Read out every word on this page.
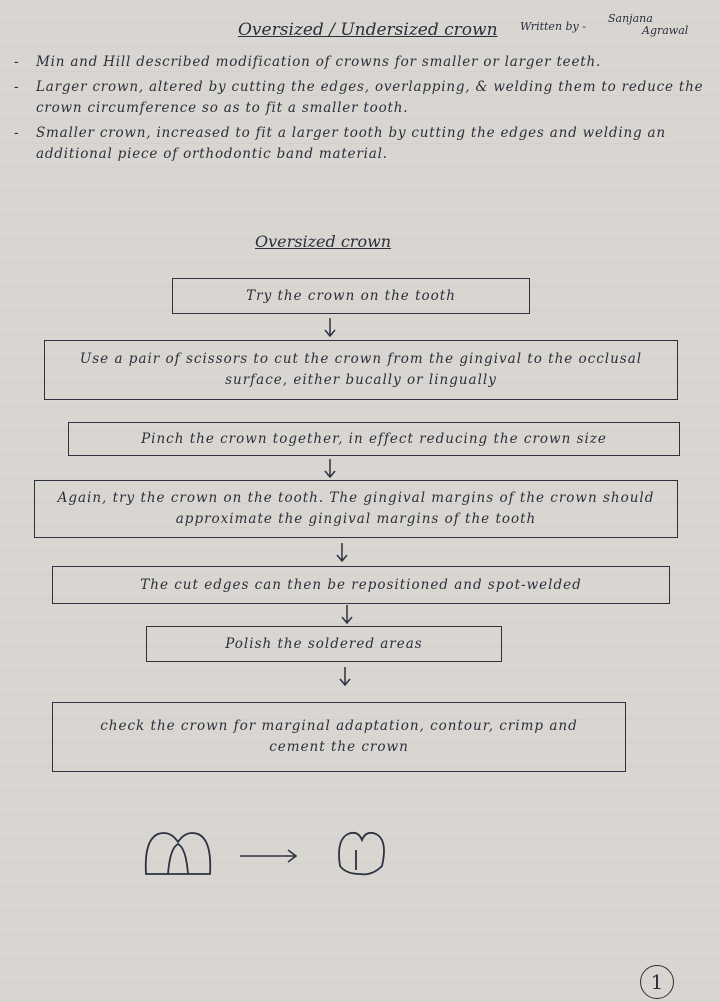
Oversized / Undersized crown Written by -
Sanjana
Agrawal
- Min and Hill described modification of crowns for smaller or larger teeth.
- Larger crown, altered by cutting the edges, overlapping, & welding them to reduce the crown circumference so as to fit a smaller tooth.
- Smaller crown, increased to fit a larger tooth by cutting the edges and welding an additional piece of orthodontic band material.
Oversized crown
Try the crown on the tooth
Use a pair of scissors to cut the crown from the gingival to the occlusal surface, either bucally or lingually
Pinch the crown together, in effect reducing the crown size
Again, try the crown on the tooth. The gingival margins of the crown should approximate the gingival margins of the tooth
The cut edges can then be repositioned and spot-welded
Polish the soldered areas
check the crown for marginal adaptation, contour, crimp and cement the crown
1
